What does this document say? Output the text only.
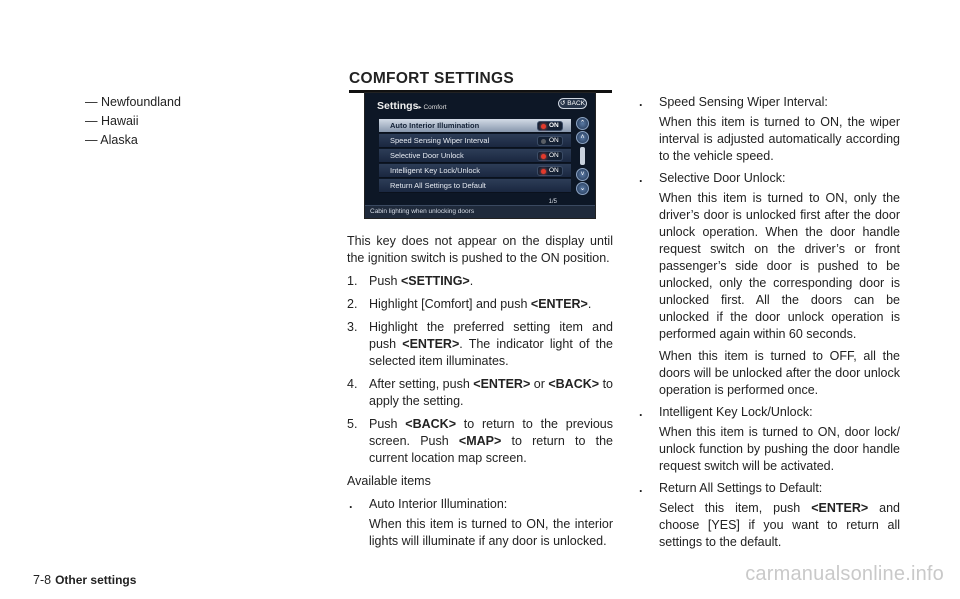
— Newfoundland
— Hawaii
— Alaska
COMFORT SETTINGS
Settings▸ Comfort
↺ BACK
Auto Interior Illumination	ON
Speed Sensing Wiper Interval	ON
Selective Door Unlock	ON
Intelligent Key Lock/Unlock	ON
Return All Settings to Default
⌃
˄
˅
⌄
1/5
Cabin lighting when unlocking doors

This key does not appear on the display until the ignition switch is pushed to the ON position.

1. Push <SETTING>.
2. Highlight [Comfort] and push <ENTER>.
3. Highlight the preferred setting item and push <ENTER>. The indicator light of the selected item illuminates.
4. After setting, push <ENTER> or <BACK> to apply the setting.
5. Push <BACK> to return to the previous screen. Push <MAP> to return to the current location map screen.

Available items

. Auto Interior Illumination:

When this item is turned to ON, the interior lights will illuminate if any door is unlocked.

. Speed Sensing Wiper Interval:

When this item is turned to ON, the wiper interval is adjusted automatically according to the vehicle speed.

. Selective Door Unlock:

When this item is turned to ON, only the driver’s door is unlocked first after the door unlock operation. When the door handle request switch on the driver’s or front passenger’s side door is pushed to be unlocked, only the corresponding door is unlocked first. All the doors can be unlocked if the door unlock operation is performed again within 60 seconds.

When this item is turned to OFF, all the doors will be unlocked after the door unlock operation is performed once.

. Intelligent Key Lock/Unlock:

When this item is turned to ON, door lock/ unlock function by pushing the door handle request switch will be activated.

. Return All Settings to Default:

Select this item, push <ENTER> and choose [YES] if you want to return all settings to the default.

7-8 Other settings	carmanualsonline.info
